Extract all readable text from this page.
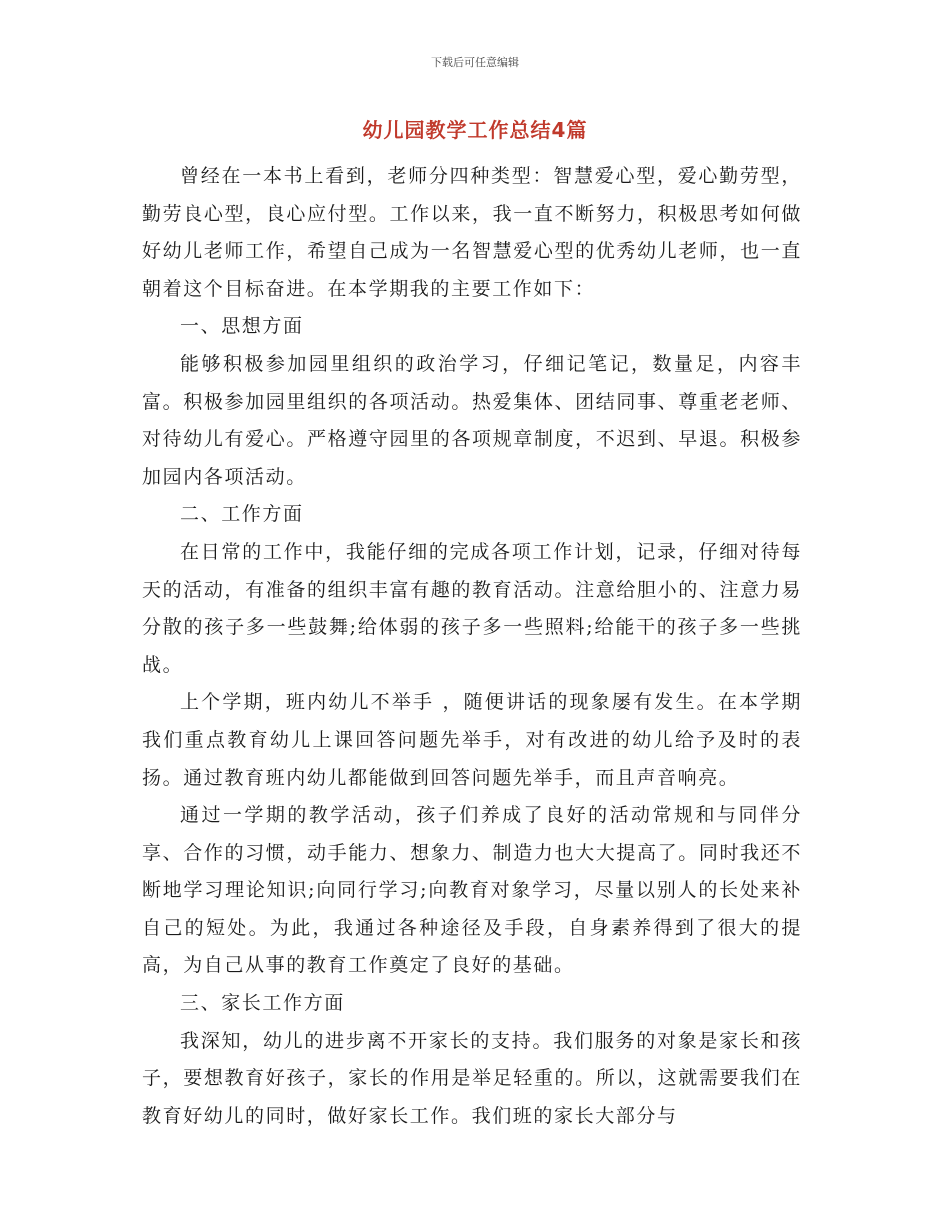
下载后可任意编辑
幼儿园教学工作总结4篇

曾经在一本书上看到，老师分四种类型：智慧爱心型，爱心勤劳型，勤劳良心型，良心应付型。工作以来，我一直不断努力，积极思考如何做好幼儿老师工作，希望自己成为一名智慧爱心型的优秀幼儿老师，也一直朝着这个目标奋进。在本学期我的主要工作如下：

一、思想方面

能够积极参加园里组织的政治学习，仔细记笔记，数量足，内容丰富。积极参加园里组织的各项活动。热爱集体、团结同事、尊重老老师、对待幼儿有爱心。严格遵守园里的各项规章制度，不迟到、早退。积极参加园内各项活动。

二、工作方面

在日常的工作中，我能仔细的完成各项工作计划，记录，仔细对待每天的活动，有准备的组织丰富有趣的教育活动。注意给胆小的、注意力易分散的孩子多一些鼓舞;给体弱的孩子多一些照料;给能干的孩子多一些挑战。

上个学期，班内幼儿不举手 ，随便讲话的现象屡有发生。在本学期我们重点教育幼儿上课回答问题先举手，对有改进的幼儿给予及时的表扬。通过教育班内幼儿都能做到回答问题先举手，而且声音响亮。

通过一学期的教学活动，孩子们养成了良好的活动常规和与同伴分享、合作的习惯，动手能力、想象力、制造力也大大提高了。同时我还不断地学习理论知识;向同行学习;向教育对象学习，尽量以别人的长处来补自己的短处。为此，我通过各种途径及手段，自身素养得到了很大的提高，为自己从事的教育工作奠定了良好的基础。

三、家长工作方面

我深知，幼儿的进步离不开家长的支持。我们服务的对象是家长和孩子，要想教育好孩子，家长的作用是举足轻重的。所以，这就需要我们在教育好幼儿的同时，做好家长工作。我们班的家长大部分与
